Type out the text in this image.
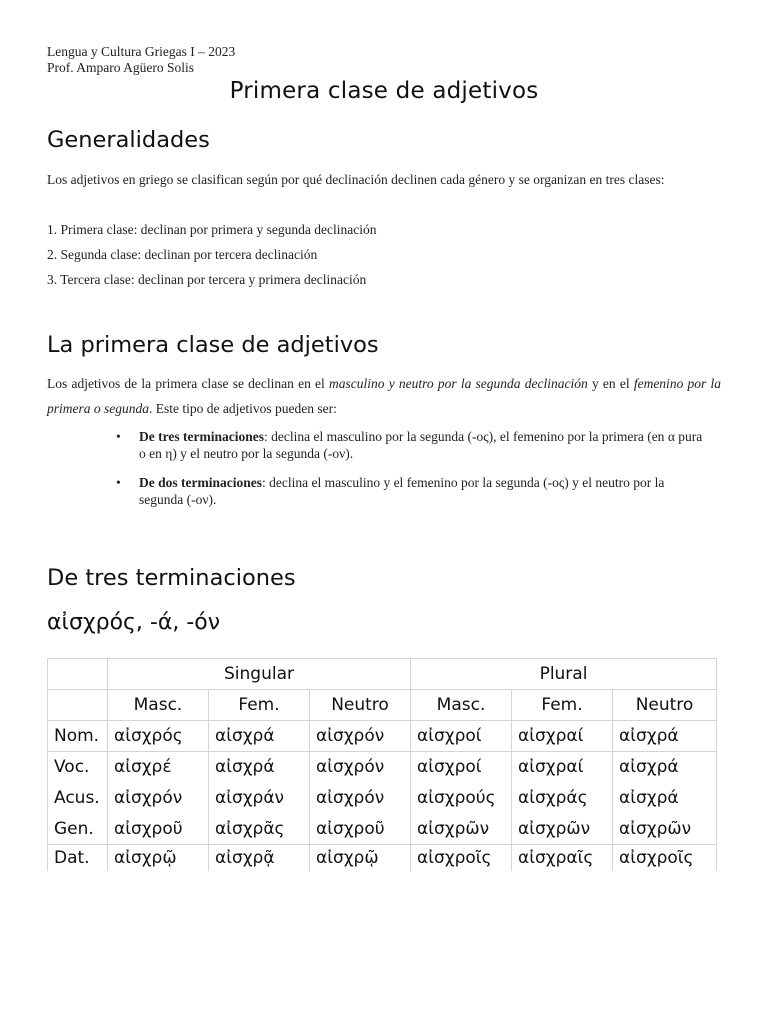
Lengua y Cultura Griegas I – 2023
Prof. Amparo Agüero Solis
Primera clase de adjetivos
Generalidades
Los adjetivos en griego se clasifican según por qué declinación declinen cada género y se organizan en tres clases:
1. Primera clase: declinan por primera y segunda declinación
2. Segunda clase: declinan por tercera declinación
3. Tercera clase: declinan por tercera y primera declinación
La primera clase de adjetivos
Los adjetivos de la primera clase se declinan en el masculino y neutro por la segunda declinación y en el femenino por la primera o segunda. Este tipo de adjetivos pueden ser:
• De tres terminaciones: declina el masculino por la segunda (-ος), el femenino por la primera (en α pura o en η) y el neutro por la segunda (-ον).
• De dos terminaciones: declina el masculino y el femenino por la segunda (-ος) y el neutro por la segunda (-ον).
De tres terminaciones
αἰσχρός, -ά, -όν
	Singular			Plural		
	Masc.	Fem.	Neutro	Masc.	Fem.	Neutro
Nom.	αἰσχρός	αἰσχρά	αἰσχρόν	αἰσχροί	αἰσχραί	αἰσχρά
Voc.	αἰσχρέ	αἰσχρά	αἰσχρόν	αἰσχροί	αἰσχραί	αἰσχρά
Acus.	αἰσχρόν	αἰσχράν	αἰσχρόν	αἰσχρούς	αἰσχράς	αἰσχρά
Gen.	αἰσχροῦ	αἰσχρᾶς	αἰσχροῦ	αἰσχρῶν	αἰσχρῶν	αἰσχρῶν
Dat.	αἰσχρῷ	αἰσχρᾷ	αἰσχρῷ	αἰσχροῖς	αἰσχραῖς	αἰσχροῖς
